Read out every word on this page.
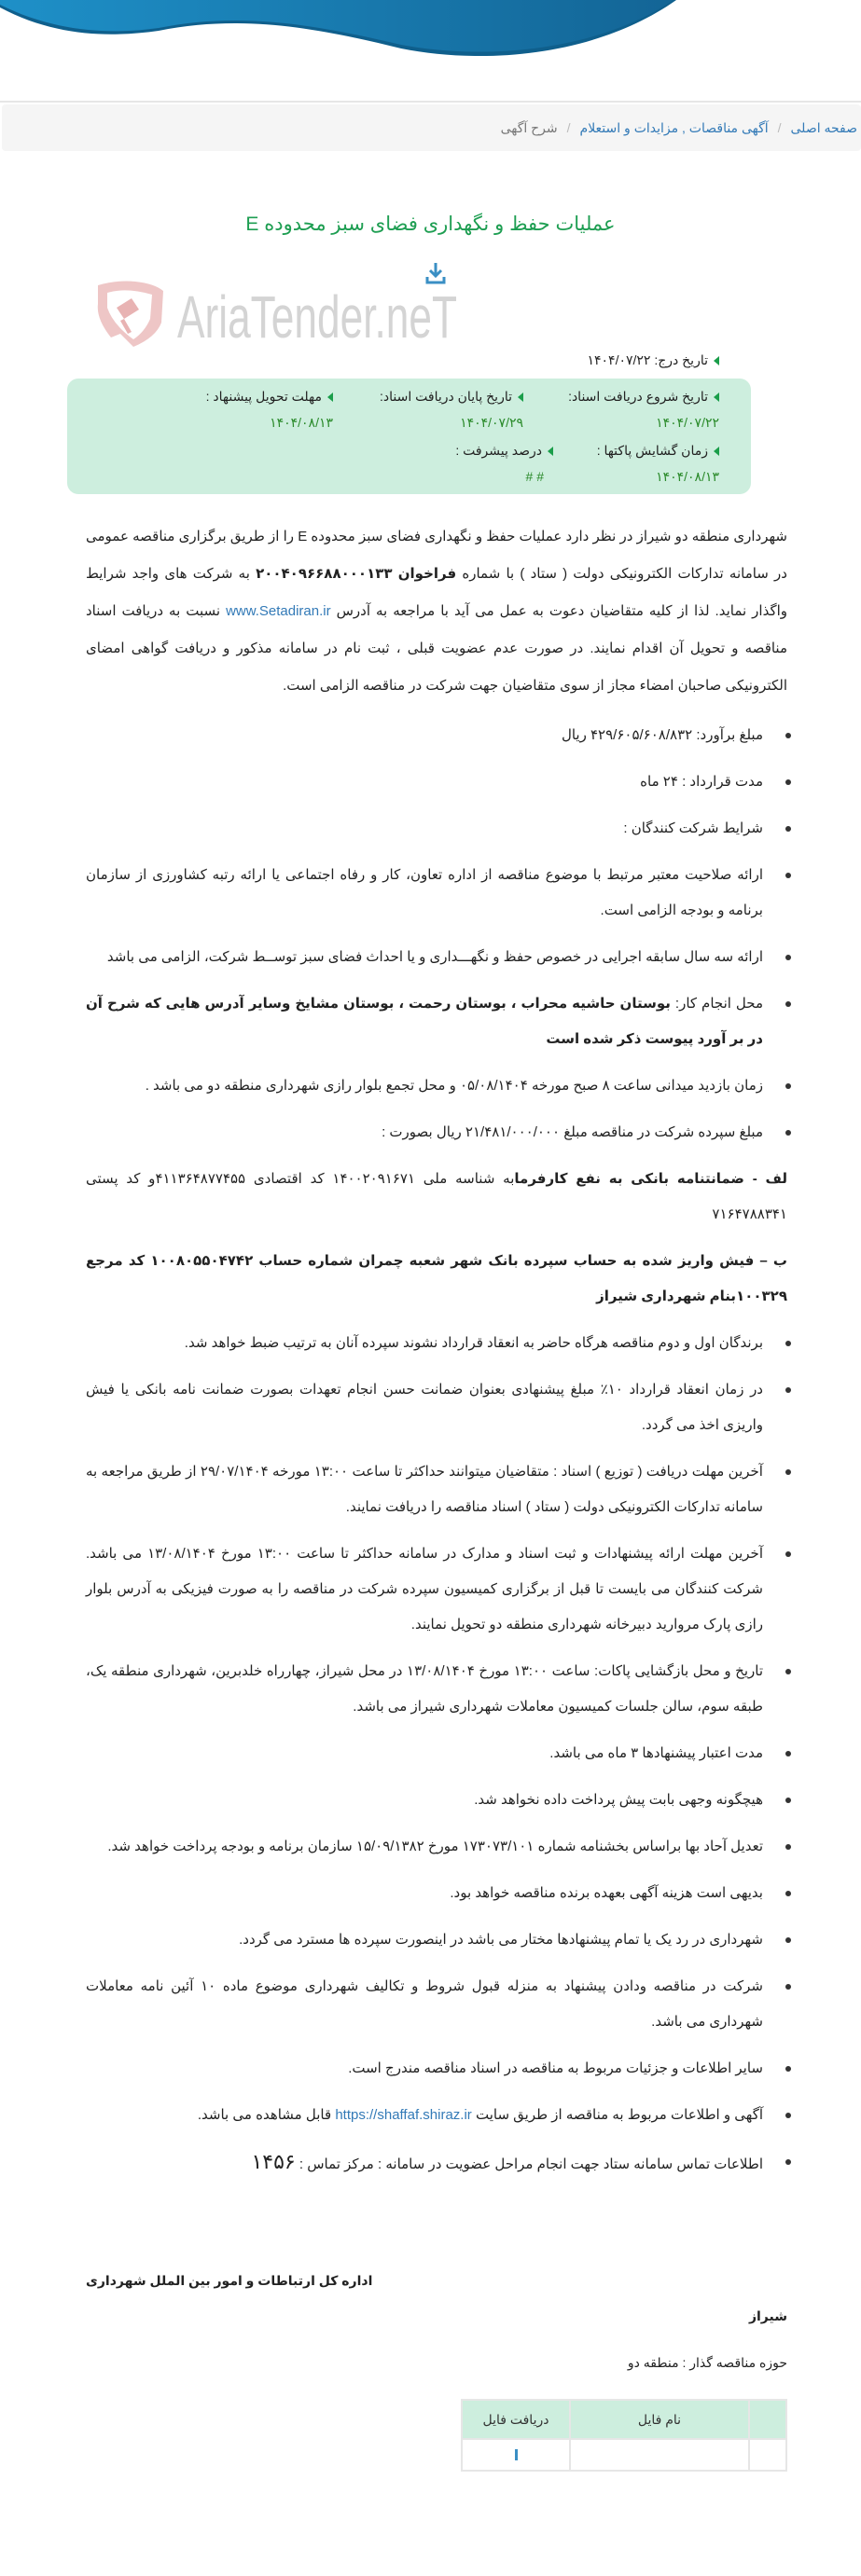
صفحه اصلی/آگهی مناقصات , مزایدات و استعلام/شرح آگهی
عملیات حفظ و نگهداری فضای سبز محدوده E
AriaTender.neT
تاریخ درج: ۱۴۰۴/۰۷/۲۲
تاریخ شروع دریافت اسناد:
۱۴۰۴/۰۷/۲۲
تاریخ پایان دریافت اسناد:
۱۴۰۴/۰۷/۲۹
مهلت تحویل پیشنهاد :
۱۴۰۴/۰۸/۱۳
زمان گشایش پاکتها :
۱۴۰۴/۰۸/۱۳
درصد پیشرفت :
# #
شهرداری منطقه دو شیراز در نظر دارد عملیات حفظ و نگهداری فضای سبز محدوده E را از طریق برگزاری مناقصه عمومی در سامانه تدارکات الکترونیکی دولت ( ستاد ) با شماره فراخوان ۲۰۰۴۰۹۶۶۸۸۰۰۰۱۳۳ به شرکت های واجد شرایط واگذار نماید. لذا از کلیه متقاضیان دعوت به عمل می آید با مراجعه به آدرس www.Setadiran.ir نسبت به دریافت اسناد مناقصه و تحویل آن اقدام نمایند. در صورت عدم عضویت قبلی ، ثبت نام در سامانه مذکور و دریافت گواهی امضای الکترونیکی صاحبان امضاء مجاز از سوی متقاضیان جهت شرکت در مناقصه الزامی است.
مبلغ برآورد: ۴۲۹/۶۰۵/۶۰۸/۸۳۲ ریال
مدت قرارداد : ۲۴ ماه
شرایط شرکت کنندگان :
ارائه صلاحیت معتبر مرتبط با موضوع مناقصه از اداره تعاون، کار و رفاه اجتماعی یا ارائه رتبه کشاورزی از سازمان برنامه و بودجه الزامی است.
ارائه سه سال سابقه اجرایی در خصوص حفظ و نگهـــداری و یا احداث فضای سبز توســط شرکت، الزامی می باشد
محل انجام کار: بوستان حاشیه محراب ، بوستان رحمت ، بوستان مشایخ وسایر آدرس هایی که شرح آن در بر آورد پیوست ذکر شده است
زمان بازدید میدانی ساعت ۸ صبح مورخه ۰۵/۰۸/۱۴۰۴ و محل تجمع بلوار رازی شهرداری منطقه دو می باشد .
مبلغ سپرده شرکت در مناقصه مبلغ ۲۱/۴۸۱/۰۰۰/۰۰۰ ریال بصورت :
لف - ضمانتنامه بانکی به نفع کارفرمابه شناسه ملی ۱۴۰۰۲۰۹۱۶۷۱ کد اقتصادی ۴۱۱۳۶۴۸۷۷۴۵۵و کد پستی ۷۱۶۴۷۸۸۳۴۱
ب – فیش واریز شده به حساب سپرده بانک شهر شعبه چمران شماره حساب ۱۰۰۸۰۵۵۰۴۷۴۲ کد مرجع ۱۰۰۳۲۹بنام شهرداری شیراز
برندگان اول و دوم مناقصه هرگاه حاضر به انعقاد قرارداد نشوند سپرده آنان به ترتیب ضبط خواهد شد.
در زمان انعقاد قرارداد ۱۰٪ مبلغ پیشنهادی بعنوان ضمانت حسن انجام تعهدات بصورت ضمانت نامه بانکی یا فیش واریزی اخذ می گردد.
آخرین مهلت دریافت ( توزیع ) اسناد : متقاضیان میتوانند حداکثر تا ساعت ۱۳:۰۰ مورخه ۲۹/۰۷/۱۴۰۴ از طریق مراجعه به سامانه تدارکات الکترونیکی دولت ( ستاد ) اسناد مناقصه را دریافت نمایند.
آخرین مهلت ارائه پیشنهادات و ثبت اسناد و مدارک در سامانه حداکثر تا ساعت ۱۳:۰۰ مورخ ۱۳/۰۸/۱۴۰۴ می باشد. شرکت کنندگان می بایست تا قبل از برگزاری کمیسیون سپرده شرکت در مناقصه را به صورت فیزیکی به آدرس بلوار رازی پارک مروارید دبیرخانه شهرداری منطقه دو تحویل نمایند.
تاریخ و محل بازگشایی پاکات: ساعت ۱۳:۰۰ مورخ ۱۳/۰۸/۱۴۰۴ در محل شیراز، چهارراه خلدبرین، شهرداری منطقه یک، طبقه سوم، سالن جلسات کمیسیون معاملات شهرداری شیراز می باشد.
مدت اعتبار پیشنهادها ۳ ماه می باشد.
هیچگونه وجهی بابت پیش پرداخت داده نخواهد شد.
تعدیل آحاد بها براساس بخشنامه شماره ۱۷۳۰۷۳/۱۰۱ مورخ ۱۵/۰۹/۱۳۸۲ سازمان برنامه و بودجه پرداخت خواهد شد.
بدیهی است هزینه آگهی بعهده برنده مناقصه خواهد بود.
شهرداری در رد یک یا تمام پیشنهادها مختار می باشد در اینصورت سپرده ها مسترد می گردد.
شرکت در مناقصه ودادن پیشنهاد به منزله قبول شروط و تکالیف شهرداری موضوع ماده ۱۰ آئین نامه معاملات شهرداری می باشد.
سایر اطلاعات و جزئیات مربوط به مناقصه در اسناد مناقصه مندرج است.
آگهی و اطلاعات مربوط به مناقصه از طریق سایت https://shaffaf.shiraz.ir قابل مشاهده می باشد.
اطلاعات تماس سامانه ستاد جهت انجام مراحل عضویت در سامانه : مرکز تماس : ۱۴۵۶
اداره کل ارتباطات و امور بین الملل شهرداری
شیراز
حوزه مناقصه گذار : منطقه دو
	نام فایل	دریافت فایل
